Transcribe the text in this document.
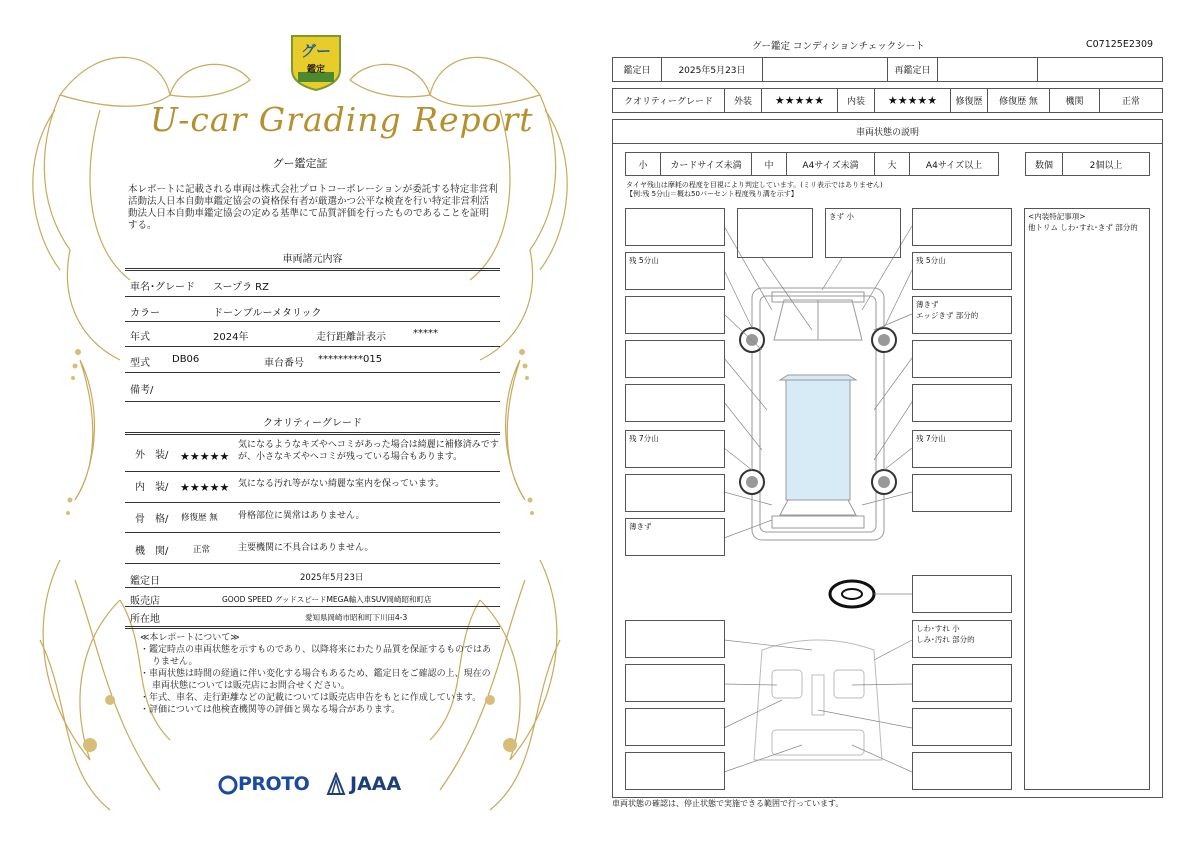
グー
鑑定
U-car Grading Report
グー鑑定証
本レポートに記載される車両は株式会社プロトコーポレーションが委託する特定非営利活動法人日本自動車鑑定協会の資格保有者が厳選かつ公平な検査を行い特定非営利活動法人日本自動車鑑定協会の定める基準にて品質評価を行ったものであることを証明する。
車両諸元内容
車名･グレード スープラ RZ
カラー	ドーンブルーメタリック
年式	2024年	走行距離計表示	*****
型式 DB06	車台番号 *********015
備考/
クオリティーグレード
外　装/ ★★★★★
気になるようなキズやヘコミがあった場合は綺麗に補修済みですが、小さなキズやヘコミが残っている場合もあります。
内　装/ ★★★★★ 気になる汚れ等がない綺麗な室内を保っています。
骨　格/ 修復歴 無 骨格部位に異常はありません。
機　関/	正常	主要機関に不具合はありません。
鑑定日	2025年5月23日
販売店	GOOD SPEED グッドスピードMEGA輸入車SUV岡崎昭和町店
所在地	愛知県岡崎市昭和町下川田4-3
≪本レポートについて≫
・鑑定時点の車両状態を示すものであり、以降将来にわたり品質を保証するものではありません。
・車両状態は時間の経過に伴い変化する場合もあるため、鑑定日をご確認の上、現在の車両状態については販売店にお問合せください。
・年式、車名、走行距離などの記載については販売店申告をもとに作成しています。
・評価については他検査機関等の評価と異なる場合があります。
PROTO JAAA
グー鑑定 コンディションチェックシート	C07125E2309
鑑定日	2025年5月23日	再鑑定日
クオリティーグレード	外装	★★★★★	内装	★★★★★	修復歴	修復歴 無	機関	正常
車両状態の説明
小	カードサイズ未満	中	A4サイズ未満	大	A4サイズ以上	数個	2個以上
タイヤ残山は摩耗の程度を目視により判定しています。(ミリ表示ではありません)
【例:残 5分山＝概ね50パーセント程度残り溝を示す】
残 5分山
残 7分山
薄きず
きず 小
残 5分山
薄きず
エッジきず 部分的
残 7分山
しわ･すれ 小
しみ･汚れ 部分的
<内装特記事項>
他トリム しわ･すれ･きず 部分的
車両状態の確認は、停止状態で実施できる範囲で行っています。
